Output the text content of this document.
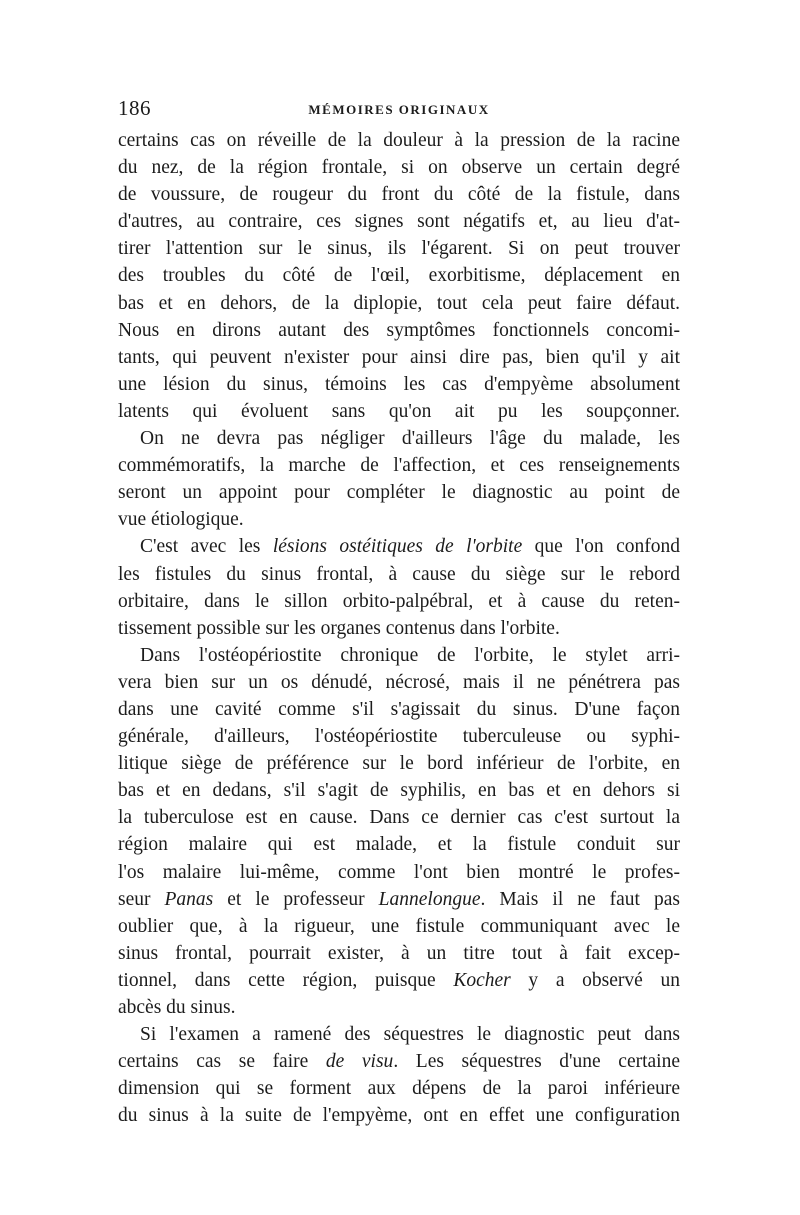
186	MÉMOIRES ORIGINAUX
certains cas on réveille de la douleur à la pression de la racine
du nez, de la région frontale, si on observe un certain degré
de voussure, de rougeur du front du côté de la fistule, dans
d'autres, au contraire, ces signes sont négatifs et, au lieu d'at-
tirer l'attention sur le sinus, ils l'égarent. Si on peut trouver
des troubles du côté de l'œil, exorbitisme, déplacement en
bas et en dehors, de la diplopie, tout cela peut faire défaut.
Nous en dirons autant des symptômes fonctionnels concomi-
tants, qui peuvent n'exister pour ainsi dire pas, bien qu'il y ait
une lésion du sinus, témoins les cas d'empyème absolument
latents qui évoluent sans qu'on ait pu les soupçonner.
On ne devra pas négliger d'ailleurs l'âge du malade, les
commémoratifs, la marche de l'affection, et ces renseignements
seront un appoint pour compléter le diagnostic au point de
vue étiologique.
C'est avec les lésions ostéitiques de l'orbite que l'on confond
les fistules du sinus frontal, à cause du siège sur le rebord
orbitaire, dans le sillon orbito-palpébral, et à cause du reten-
tissement possible sur les organes contenus dans l'orbite.
Dans l'ostéopériostite chronique de l'orbite, le stylet arri-
vera bien sur un os dénudé, nécrosé, mais il ne pénétrera pas
dans une cavité comme s'il s'agissait du sinus. D'une façon
générale, d'ailleurs, l'ostéopériostite tuberculeuse ou syphi-
litique siège de préférence sur le bord inférieur de l'orbite, en
bas et en dedans, s'il s'agit de syphilis, en bas et en dehors si
la tuberculose est en cause. Dans ce dernier cas c'est surtout la
région malaire qui est malade, et la fistule conduit sur
l'os malaire lui-même, comme l'ont bien montré le profes-
seur Panas et le professeur Lannelongue. Mais il ne faut pas
oublier que, à la rigueur, une fistule communiquant avec le
sinus frontal, pourrait exister, à un titre tout à fait excep-
tionnel, dans cette région, puisque Kocher y a observé un
abcès du sinus.
Si l'examen a ramené des séquestres le diagnostic peut dans
certains cas se faire de visu. Les séquestres d'une certaine
dimension qui se forment aux dépens de la paroi inférieure
du sinus à la suite de l'empyème, ont en effet une configuration
